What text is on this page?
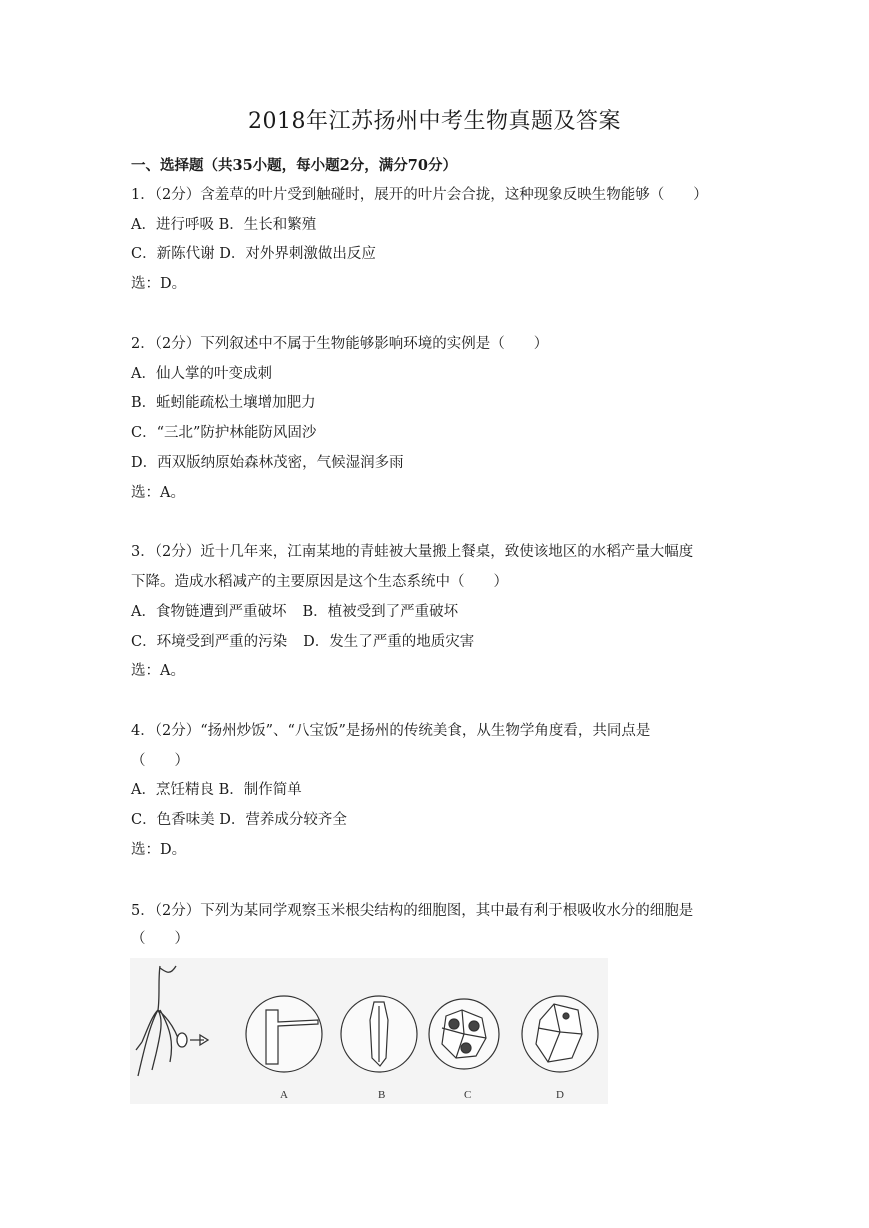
2018年江苏扬州中考生物真题及答案
一、选择题（共35小题，每小题2分，满分70分）
1．（2分）含羞草的叶片受到触碰时，展开的叶片会合拢，这种现象反映生物能够（　　）
A．进行呼吸 B．生长和繁殖
C．新陈代谢 D．对外界刺激做出反应
选：D。
2．（2分）下列叙述中不属于生物能够影响环境的实例是（　　）
A．仙人掌的叶变成刺
B．蚯蚓能疏松土壤增加肥力
C．“三北”防护林能防风固沙
D．西双版纳原始森林茂密，气候湿润多雨
选：A。
3．（2分）近十几年来，江南某地的青蛙被大量搬上餐桌，致使该地区的水稻产量大幅度
下降。造成水稻减产的主要原因是这个生态系统中（　　）
A．食物链遭到严重破坏 B．植被受到了严重破坏
C．环境受到严重的污染 D．发生了严重的地质灾害
选：A。
4．（2分）“扬州炒饭”、“八宝饭”是扬州的传统美食，从生物学角度看，共同点是
（　　）
A．烹饪精良 B．制作简单
C．色香味美 D．营养成分较齐全
选：D。
5．（2分）下列为某同学观察玉米根尖结构的细胞图，其中最有利于根吸收水分的细胞是
（　　）
A	B	C	D
